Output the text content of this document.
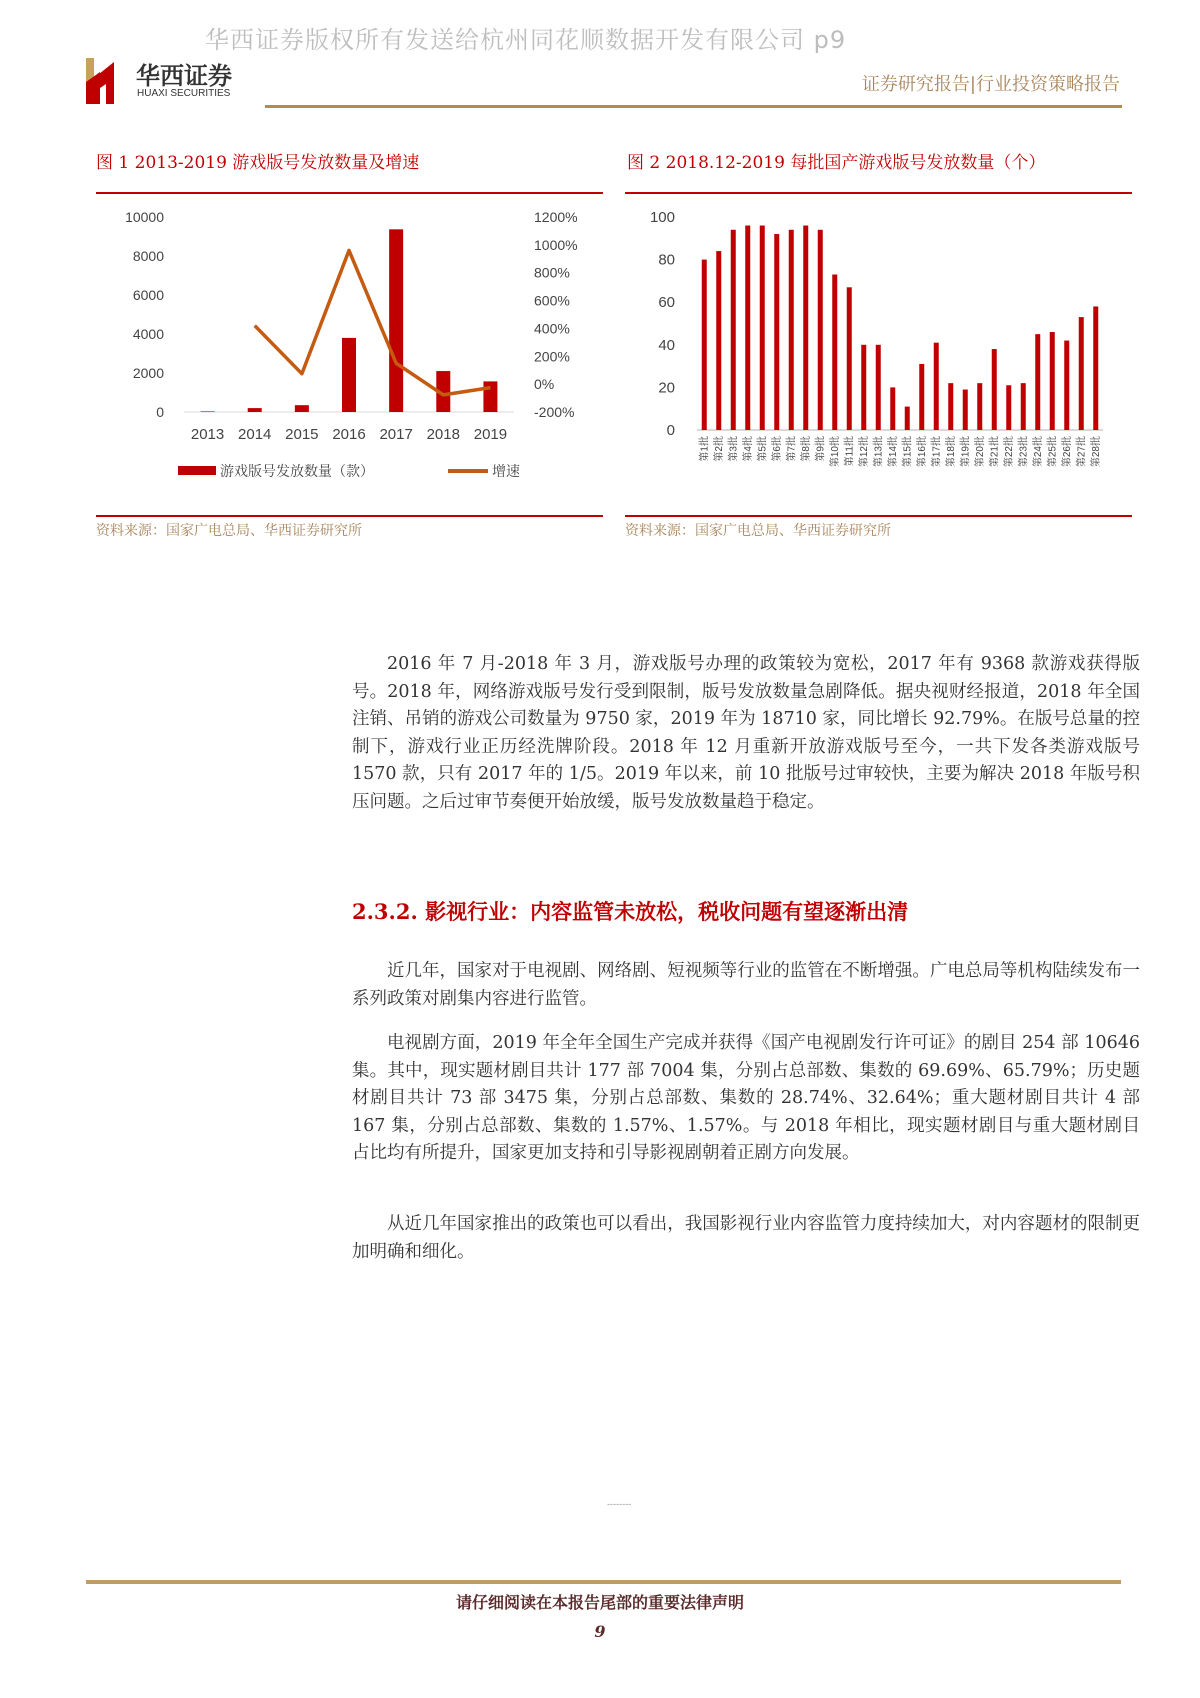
华西证券版权所有发送给杭州同花顺数据开发有限公司 p9
华西证券
HUAXI SECURITIES	证券研究报告|行业投资策略报告
图 1 2013-2019 游戏版号发放数量及增速	图 2 2018.12-2019 每批国产游戏版号发放数量（个）
0
2000
4000
6000
8000
10000
-200%
0%
200%
400%
600%
800%
1000%
1200%
2013 2014 2015 2016 2017 2018 2019
游戏版号发放数量（款）	增速
0
20
40
60
80
100
第1批 第2批 第3批 第4批 第5批 第6批 第7批 第8批 第9批 第10批 第11批 第12批 第13批 第14批 第15批 第16批 第17批 第18批 第19批 第20批 第21批 第22批 第23批 第24批 第25批 第26批 第27批 第28批
资料来源：国家广电总局、华西证券研究所	资料来源：国家广电总局、华西证券研究所
2016 年 7 月-2018 年 3 月，游戏版号办理的政策较为宽松，2017 年有 9368 款游戏获得版号。2018 年，网络游戏版号发行受到限制，版号发放数量急剧降低。据央视财经报道，2018 年全国注销、吊销的游戏公司数量为 9750 家，2019 年为 18710 家，同比增长 92.79%。在版号总量的控制下，游戏行业正历经洗牌阶段。2018 年 12 月重新开放游戏版号至今，一共下发各类游戏版号 1570 款，只有 2017 年的 1/5。2019 年以来，前 10 批版号过审较快，主要为解决 2018 年版号积压问题。之后过审节奏便开始放缓，版号发放数量趋于稳定。
2.3.2. 影视行业：内容监管未放松，税收问题有望逐渐出清
近几年，国家对于电视剧、网络剧、短视频等行业的监管在不断增强。广电总局等机构陆续发布一系列政策对剧集内容进行监管。
电视剧方面，2019 年全年全国生产完成并获得《国产电视剧发行许可证》的剧目 254 部 10646 集。其中，现实题材剧目共计 177 部 7004 集，分别占总部数、集数的 69.69%、65.79%；历史题材剧目共计 73 部 3475 集，分别占总部数、集数的 28.74%、32.64%；重大题材剧目共计 4 部 167 集，分别占总部数、集数的 1.57%、1.57%。与 2018 年相比，现实题材剧目与重大题材剧目占比均有所提升，国家更加支持和引导影视剧朝着正剧方向发展。
从近几年国家推出的政策也可以看出，我国影视行业内容监管力度持续加大，对内容题材的限制更加明确和细化。
--------
请仔细阅读在本报告尾部的重要法律声明
9
